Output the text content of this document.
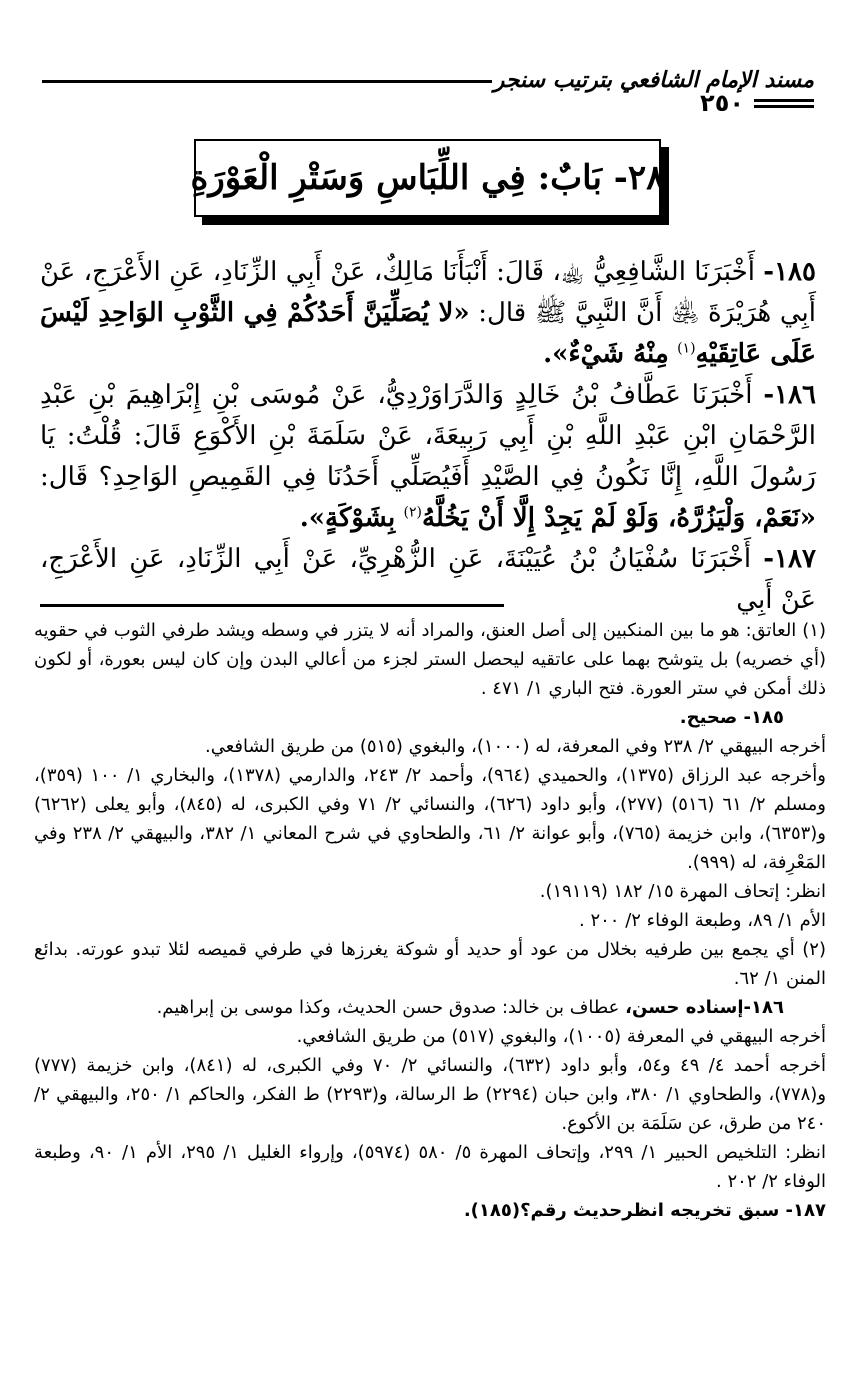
مسند الإمام الشافعي بترتيب سنجر
٢٥٠
٢٨- بَابٌ: فِي اللِّبَاسِ وَسَتْرِ الْعَوْرَةِ

١٨٥- أَخْبَرَنَا الشَّافِعِيُّ ﵀، قَالَ: أَنْبَأَنَا مَالِكٌ، عَنْ أَبِي الزِّنَادِ، عَنِ الأَعْرَجِ، عَنْ أَبِي هُرَيْرَةَ ﵁ أَنَّ النَّبِيَّ ﷺ قال: «لا يُصَلِّيَنَّ أَحَدُكُمْ فِي الثَّوْبِ الوَاحِدِ لَيْسَ عَلَى عَاتِقَيْهِ$^{(١)}$ مِنْهُ شَيْءٌ».

١٨٦- أَخْبَرَنَا عَطَّافُ بْنُ خَالِدٍ وَالدَّرَاوَرْدِيُّ، عَنْ مُوسَى بْنِ إِبْرَاهِيمَ بْنِ عَبْدِ الرَّحْمَانِ ابْنِ عَبْدِ اللَّهِ بْنِ أَبِي رَبِيعَةَ، عَنْ سَلَمَةَ بْنِ الأَكْوَعِ قَالَ: قُلْتُ: يَا رَسُولَ اللَّهِ، إِنَّا نَكُونُ فِي الصَّيْدِ أَفَيُصَلِّي أَحَدُنَا فِي القَمِيصِ الوَاحِدِ؟ قَال: «نَعَمْ، وَلْيَزُرَّهُ، وَلَوْ لَمْ يَجِدْ إِلَّا أَنْ يَخُلَّهُ$^{(٢)}$ بِشَوْكَةٍ».

١٨٧- أَخْبَرَنَا سُفْيَانُ بْنُ عُيَيْنَةَ، عَنِ الزُّهْرِيِّ، عَنْ أَبِي الزِّنَادِ، عَنِ الأَعْرَجِ، عَنْ أَبِي

(١) العاتق: هو ما بين المنكبين إلى أصل العنق، والمراد أنه لا يتزر في وسطه ويشد طرفي الثوب في حقويه (أي خصريه) بل يتوشح بهما على عاتقيه ليحصل الستر لجزء من أعالي البدن وإن كان ليس بعورة، أو لكون ذلك أمكن في ستر العورة. فتح الباري ١/ ٤٧١ .

١٨٥- صحيح.

أخرجه البيهقي ٢/ ٢٣٨ وفي المعرفة، له (١٠٠٠)، والبغوي (٥١٥) من طريق الشافعي.

وأخرجه عبد الرزاق (١٣٧٥)، والحميدي (٩٦٤)، وأحمد ٢/ ٢٤٣، والدارمي (١٣٧٨)، والبخاري ١/ ١٠٠ (٣٥٩)، ومسلم ٢/ ٦١ (٥١٦) (٢٧٧)، وأبو داود (٦٢٦)، والنسائي ٢/ ٧١ وفي الكبرى، له (٨٤٥)، وأبو يعلى (٦٢٦٢) و(٦٣٥٣)، وابن خزيمة (٧٦٥)، وأبو عوانة ٢/ ٦١، والطحاوي في شرح المعاني ١/ ٣٨٢، والبيهقي ٢/ ٢٣٨ وفي المَعْرِفة، له (٩٩٩).

انظر: إتحاف المهرة ١٥/ ١٨٢ (١٩١١٩).

الأم ١/ ٨٩، وطبعة الوفاء ٢/ ٢٠٠ .

(٢) أي يجمع بين طرفيه بخلال من عود أو حديد أو شوكة يغرزها في طرفي قميصه لئلا تبدو عورته. بدائع المنن ١/ ٦٢.

١٨٦-إسناده حسن، عطاف بن خالد: صدوق حسن الحديث، وكذا موسى بن إبراهيم.

أخرجه البيهقي في المعرفة (١٠٠٥)، والبغوي (٥١٧) من طريق الشافعي.

أخرجه أحمد ٤/ ٤٩ و٥٤، وأبو داود (٦٣٢)، والنسائي ٢/ ٧٠ وفي الكبرى، له (٨٤١)، وابن خزيمة (٧٧٧) و(٧٧٨)، والطحاوي ١/ ٣٨٠، وابن حبان (٢٢٩٤) ط الرسالة، و(٢٢٩٣) ط الفكر، والحاكم ١/ ٢٥٠، والبيهقي ٢/ ٢٤٠ من طرق، عن سَلَمَة بن الأكوع.

انظر: التلخيص الحبير ١/ ٢٩٩، وإتحاف المهرة ٥/ ٥٨٠ (٥٩٧٤)، وإرواء الغليل ١/ ٢٩٥، الأم ١/ ٩٠، وطبعة الوفاء ٢/ ٢٠٢ .

١٨٧- سبق تخريجه انظرحديث رقم؟(١٨٥).
